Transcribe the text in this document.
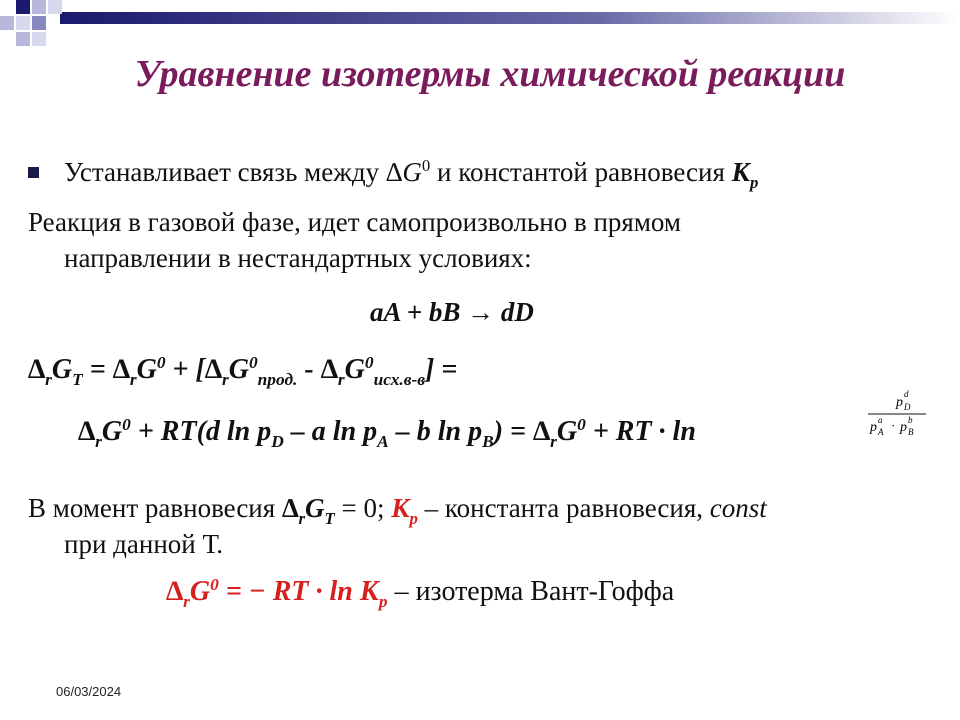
Уравнение изотермы химической реакции
Устанавливает связь между $\Delta G^0$ и константой равновесия $К_р$
Реакция в газовой фазе, идет самопроизвольно в прямом
направлении в нестандартных условиях:
aA + bB → dD
$\Delta_rG_T = \Delta_rG^0 + [\Delta_rG^0_{прод.} - \Delta_rG^0_{исх.в-в}]$ =
$\Delta_rG^0 + RT(d$ $\ln p_D$ – a $\ln p_A$ – b $\ln p_B) = \Delta_rG^0$ + RT · ln
p
d
D
p a
A · p b
B
В момент равновесия $\Delta_rG_T = 0$; $К_р$ – константа равновесия, const
при данной Т.
$\Delta_rG^0$ = − RT · $\ln К_р$ – изотерма Вант-Гоффа
06/03/2024
